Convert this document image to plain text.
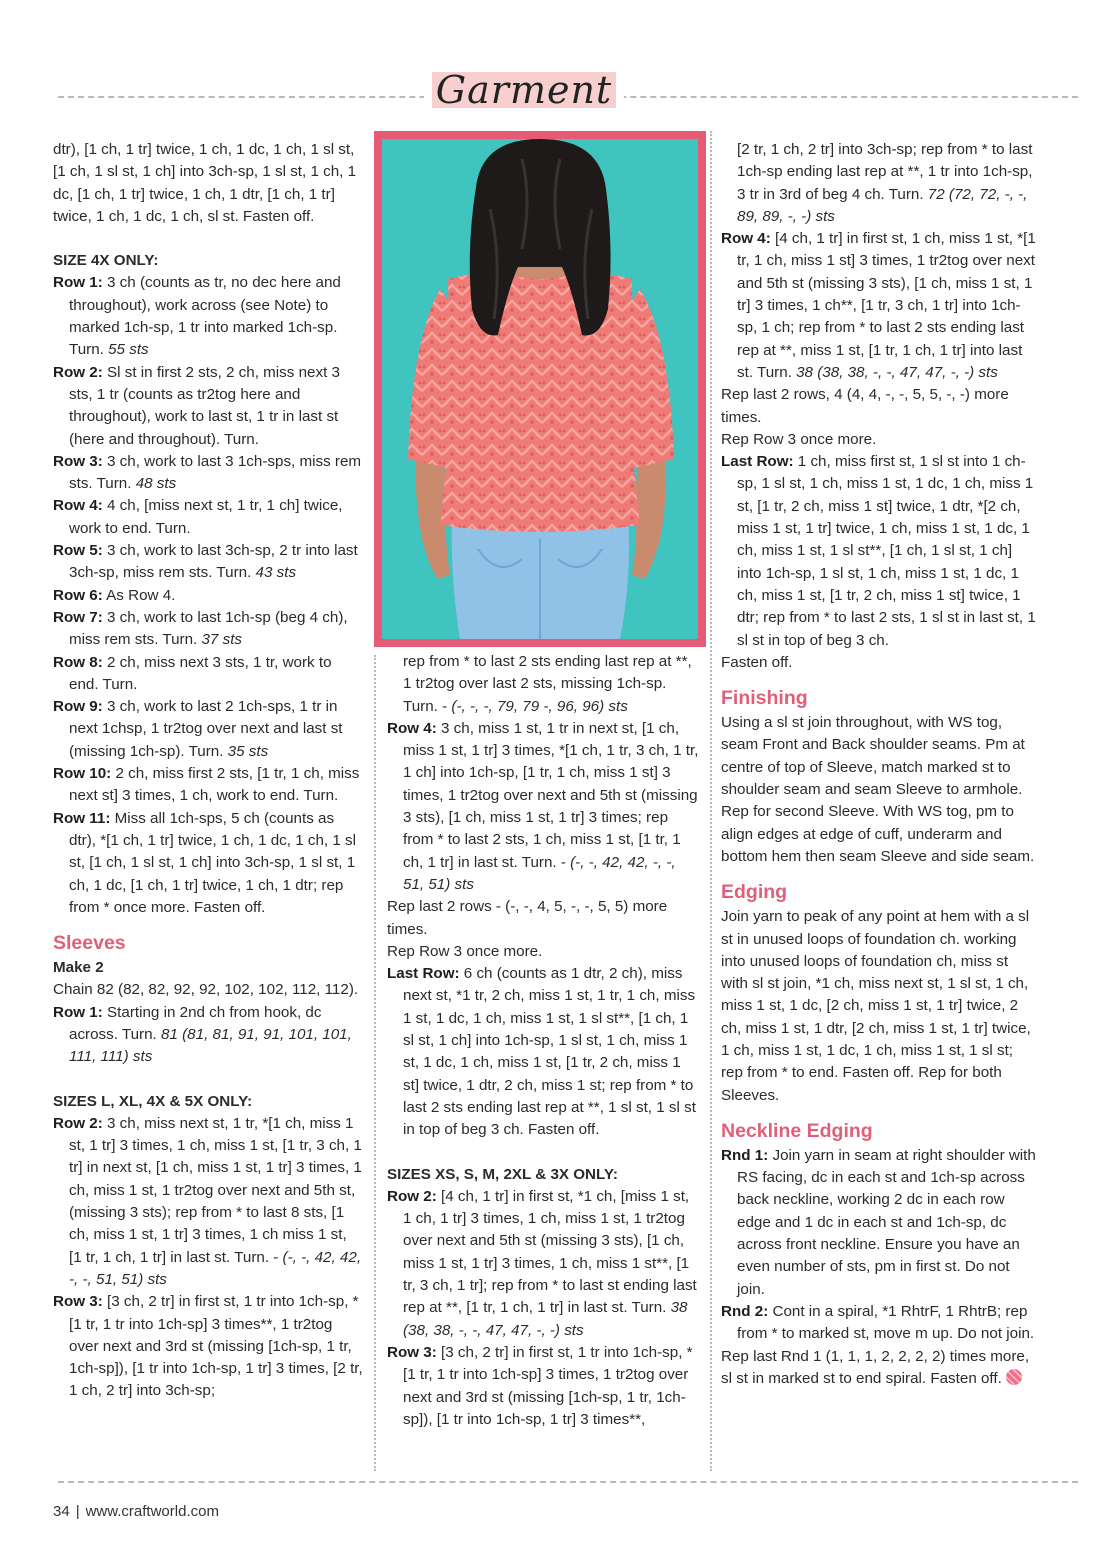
Garment

dtr), [1 ch, 1 tr] twice, 1 ch, 1 dc, 1 ch, 1 sl st, [1 ch, 1 sl st, 1 ch] into 3ch-sp, 1 sl st, 1 ch, 1 dc, [1 ch, 1 tr] twice, 1 ch, 1 dtr, [1 ch, 1 tr] twice, 1 ch, 1 dc, 1 ch, sl st. Fasten off.

SIZE 4X ONLY:

Row 1: 3 ch (counts as tr, no dec here and throughout), work across (see Note) to marked 1ch-sp, 1 tr into marked 1ch-sp. Turn. 55 sts

Row 2: Sl st in first 2 sts, 2 ch, miss next 3 sts, 1 tr (counts as tr2tog here and throughout), work to last st, 1 tr in last st (here and throughout). Turn.

Row 3: 3 ch, work to last 3 1ch-sps, miss rem sts. Turn. 48 sts

Row 4: 4 ch, [miss next st, 1 tr, 1 ch] twice, work to end. Turn.

Row 5: 3 ch, work to last 3ch-sp, 2 tr into last 3ch-sp, miss rem sts. Turn. 43 sts

Row 6: As Row 4.

Row 7: 3 ch, work to last 1ch-sp (beg 4 ch), miss rem sts. Turn. 37 sts

Row 8: 2 ch, miss next 3 sts, 1 tr, work to end. Turn.

Row 9: 3 ch, work to last 2 1ch-sps, 1 tr in next 1chsp, 1 tr2tog over next and last st (missing 1ch-sp). Turn. 35 sts

Row 10: 2 ch, miss first 2 sts, [1 tr, 1 ch, miss next st] 3 times, 1 ch, work to end. Turn.

Row 11: Miss all 1ch-sps, 5 ch (counts as dtr), *[1 ch, 1 tr] twice, 1 ch, 1 dc, 1 ch, 1 sl st, [1 ch, 1 sl st, 1 ch] into 3ch-sp, 1 sl st, 1 ch, 1 dc, [1 ch, 1 tr] twice, 1 ch, 1 dtr; rep from * once more. Fasten off.

Sleeves

Make 2

Chain 82 (82, 82, 92, 92, 102, 102, 112, 112).

Row 1: Starting in 2nd ch from hook, dc across. Turn. 81 (81, 81, 91, 91, 101, 101, 111, 111) sts

SIZES L, XL, 4X & 5X ONLY:

Row 2: 3 ch, miss next st, 1 tr, *[1 ch, miss 1 st, 1 tr] 3 times, 1 ch, miss 1 st, [1 tr, 3 ch, 1 tr] in next st, [1 ch, miss 1 st, 1 tr] 3 times, 1 ch, miss 1 st, 1 tr2tog over next and 5th st, (missing 3 sts); rep from * to last 8 sts, [1 ch, miss 1 st, 1 tr] 3 times, 1 ch miss 1 st, [1 tr, 1 ch, 1 tr] in last st. Turn. - (-, -, 42, 42, -, -, 51, 51) sts

Row 3: [3 ch, 2 tr] in first st, 1 tr into 1ch-sp, *[1 tr, 1 tr into 1ch-sp] 3 times**, 1 tr2tog over next and 3rd st (missing [1ch-sp, 1 tr, 1ch-sp]), [1 tr into 1ch-sp, 1 tr] 3 times, [2 tr, 1 ch, 2 tr] into 3ch-sp;

rep from * to last 2 sts ending last rep at **, 1 tr2tog over last 2 sts, missing 1ch-sp. Turn. - (-, -, -, 79, 79 -, 96, 96) sts

Row 4: 3 ch, miss 1 st, 1 tr in next st, [1 ch, miss 1 st, 1 tr] 3 times, *[1 ch, 1 tr, 3 ch, 1 tr, 1 ch] into 1ch-sp, [1 tr, 1 ch, miss 1 st] 3 times, 1 tr2tog over next and 5th st (missing 3 sts), [1 ch, miss 1 st, 1 tr] 3 times; rep from * to last 2 sts, 1 ch, miss 1 st, [1 tr, 1 ch, 1 tr] in last st. Turn. - (-, -, 42, 42, -, -, 51, 51) sts

Rep last 2 rows - (-, -, 4, 5, -, -, 5, 5) more times.

Rep Row 3 once more.

Last Row: 6 ch (counts as 1 dtr, 2 ch), miss next st, *1 tr, 2 ch, miss 1 st, 1 tr, 1 ch, miss 1 st, 1 dc, 1 ch, miss 1 st, 1 sl st**, [1 ch, 1 sl st, 1 ch] into 1ch-sp, 1 sl st, 1 ch, miss 1 st, 1 dc, 1 ch, miss 1 st, [1 tr, 2 ch, miss 1 st] twice, 1 dtr, 2 ch, miss 1 st; rep from * to last 2 sts ending last rep at **, 1 sl st, 1 sl st in top of beg 3 ch. Fasten off.

SIZES XS, S, M, 2XL & 3X ONLY:

Row 2: [4 ch, 1 tr] in first st, *1 ch, [miss 1 st, 1 ch, 1 tr] 3 times, 1 ch, miss 1 st, 1 tr2tog over next and 5th st (missing 3 sts), [1 ch, miss 1 st, 1 tr] 3 times, 1 ch, miss 1 st**, [1 tr, 3 ch, 1 tr]; rep from * to last st ending last rep at **, [1 tr, 1 ch, 1 tr] in last st. Turn. 38 (38, 38, -, -, 47, 47, -, -) sts

Row 3: [3 ch, 2 tr] in first st, 1 tr into 1ch-sp, *[1 tr, 1 tr into 1ch-sp] 3 times, 1 tr2tog over next and 3rd st (missing [1ch-sp, 1 tr, 1ch-sp]), [1 tr into 1ch-sp, 1 tr] 3 times**,

[2 tr, 1 ch, 2 tr] into 3ch-sp; rep from * to last 1ch-sp ending last rep at **, 1 tr into 1ch-sp, 3 tr in 3rd of beg 4 ch. Turn. 72 (72, 72, -, -, 89, 89, -, -) sts

Row 4: [4 ch, 1 tr] in first st, 1 ch, miss 1 st, *[1 tr, 1 ch, miss 1 st] 3 times, 1 tr2tog over next and 5th st (missing 3 sts), [1 ch, miss 1 st, 1 tr] 3 times, 1 ch**, [1 tr, 3 ch, 1 tr] into 1ch-sp, 1 ch; rep from * to last 2 sts ending last rep at **, miss 1 st, [1 tr, 1 ch, 1 tr] into last st. Turn. 38 (38, 38, -, -, 47, 47, -, -) sts

Rep last 2 rows, 4 (4, 4, -, -, 5, 5, -, -) more times.

Rep Row 3 once more.

Last Row: 1 ch, miss first st, 1 sl st into 1 ch-sp, 1 sl st, 1 ch, miss 1 st, 1 dc, 1 ch, miss 1 st, [1 tr, 2 ch, miss 1 st] twice, 1 dtr, *[2 ch, miss 1 st, 1 tr] twice, 1 ch, miss 1 st, 1 dc, 1 ch, miss 1 st, 1 sl st**, [1 ch, 1 sl st, 1 ch] into 1ch-sp, 1 sl st, 1 ch, miss 1 st, 1 dc, 1 ch, miss 1 st, [1 tr, 2 ch, miss 1 st] twice, 1 dtr; rep from * to last 2 sts, 1 sl st in last st, 1 sl st in top of beg 3 ch.

Fasten off.

Finishing

Using a sl st join throughout, with WS tog, seam Front and Back shoulder seams. Pm at centre of top of Sleeve, match marked st to shoulder seam and seam Sleeve to armhole. Rep for second Sleeve. With WS tog, pm to align edges at edge of cuff, underarm and bottom hem then seam Sleeve and side seam.

Edging

Join yarn to peak of any point at hem with a sl st in unused loops of foundation ch. working into unused loops of foundation ch, miss st with sl st join, *1 ch, miss next st, 1 sl st, 1 ch, miss 1 st, 1 dc, [2 ch, miss 1 st, 1 tr] twice, 2 ch, miss 1 st, 1 dtr, [2 ch, miss 1 st, 1 tr] twice, 1 ch, miss 1 st, 1 dc, 1 ch, miss 1 st, 1 sl st; rep from * to end. Fasten off. Rep for both Sleeves.

Neckline Edging

Rnd 1: Join yarn in seam at right shoulder with RS facing, dc in each st and 1ch-sp across back neckline, working 2 dc in each row edge and 1 dc in each st and 1ch-sp, dc across front neckline. Ensure you have an even number of sts, pm in first st. Do not join.

Rnd 2: Cont in a spiral, *1 RhtrF, 1 RhtrB; rep from * to marked st, move m up. Do not join.

Rep last Rnd 1 (1, 1, 1, 2, 2, 2, 2) times more, sl st in marked st to end spiral. Fasten off.

34 | www.craftworld.com
